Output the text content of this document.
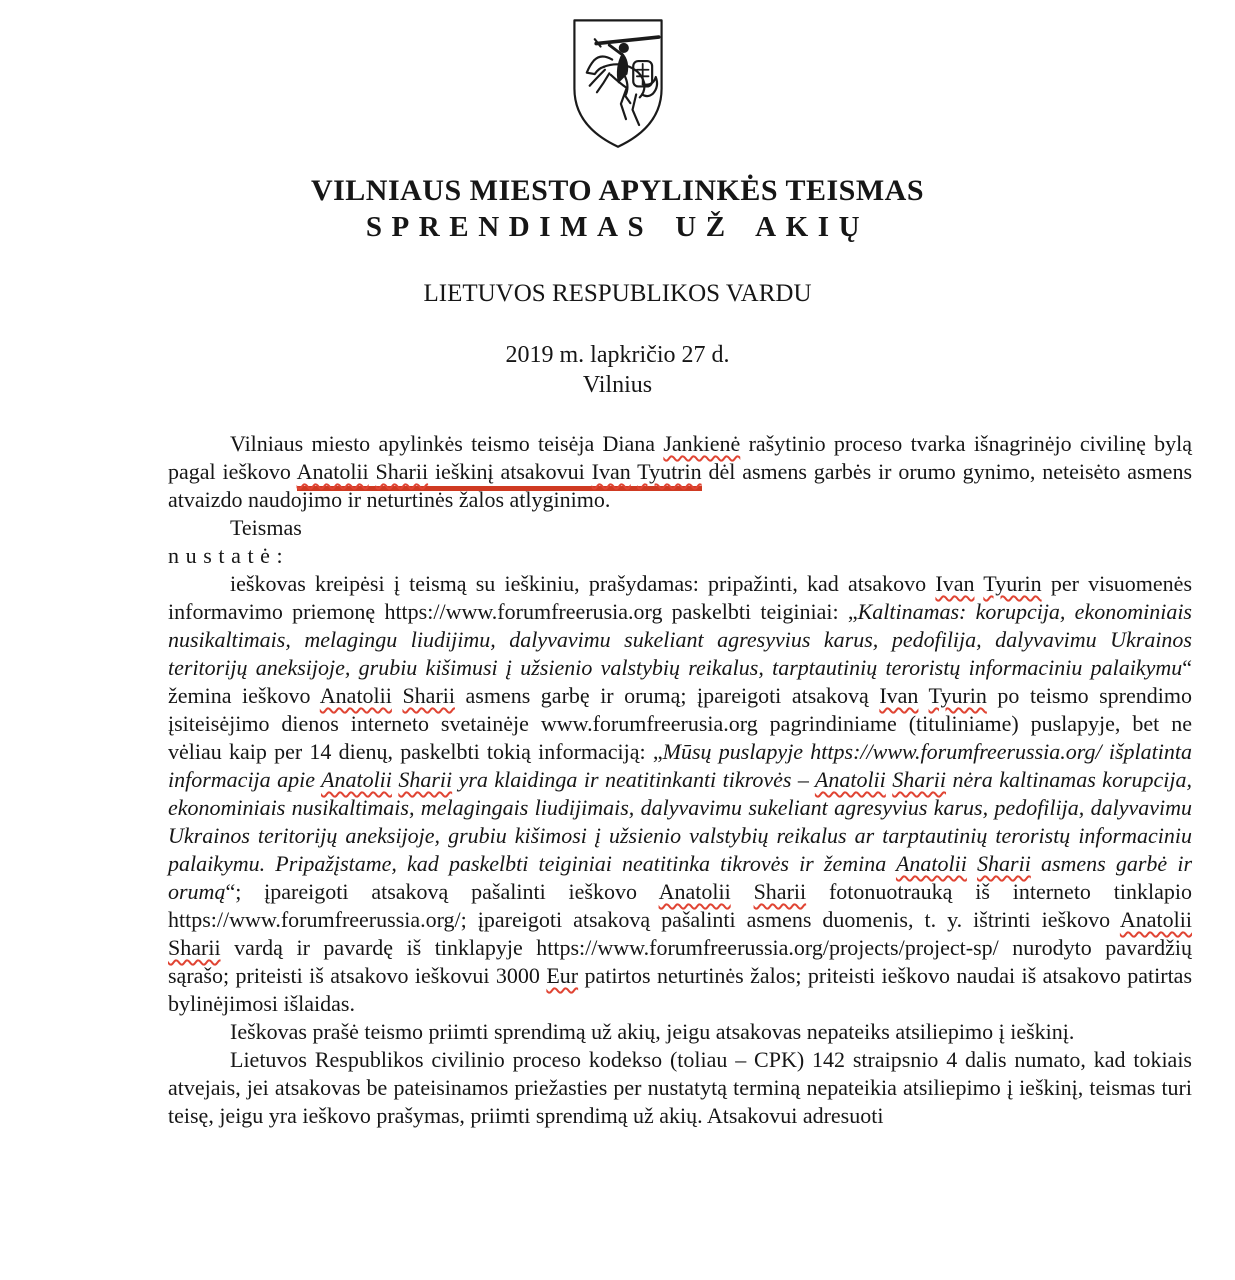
VILNIAUS MIESTO APYLINKĖS TEISMAS
SPRENDIMAS UŽ AKIŲ
LIETUVOS RESPUBLIKOS VARDU
2019 m. lapkričio 27 d.
Vilnius

Vilniaus miesto apylinkės teismo teisėja Diana Jankienė rašytinio proceso tvarka išnagrinėjo civilinę bylą pagal ieškovo Anatolii Sharii ieškinį atsakovui Ivan Tyutrin dėl asmens garbės ir orumo gynimo, neteisėto asmens atvaizdo naudojimo ir neturtinės žalos atlyginimo.

Teismas

nustatė:

ieškovas kreipėsi į teismą su ieškiniu, prašydamas: pripažinti, kad atsakovo Ivan Tyurin per visuomenės informavimo priemonę https://www.forumfreerusia.org paskelbti teiginiai: „Kaltinamas: korupcija, ekonominiais nusikaltimais, melagingu liudijimu, dalyvavimu sukeliant agresyvius karus, pedofilija, dalyvavimu Ukrainos teritorijų aneksijoje, grubiu kišimusi į užsienio valstybių reikalus, tarptautinių teroristų informaciniu palaikymu“ žemina ieškovo Anatolii Sharii asmens garbę ir orumą; įpareigoti atsakovą Ivan Tyurin po teismo sprendimo įsiteisėjimo dienos interneto svetainėje www.forumfreerusia.org pagrindiniame (tituliniame) puslapyje, bet ne vėliau kaip per 14 dienų, paskelbti tokią informaciją: „Mūsų puslapyje https://www.forumfreerussia.org/ išplatinta informacija apie Anatolii Sharii yra klaidinga ir neatitinkanti tikrovės – Anatolii Sharii nėra kaltinamas korupcija, ekonominiais nusikaltimais, melagingais liudijimais, dalyvavimu sukeliant agresyvius karus, pedofilija, dalyvavimu Ukrainos teritorijų aneksijoje, grubiu kišimosi į užsienio valstybių reikalus ar tarptautinių teroristų informaciniu palaikymu. Pripažįstame, kad paskelbti teiginiai neatitinka tikrovės ir žemina Anatolii Sharii asmens garbė ir orumą“; įpareigoti atsakovą pašalinti ieškovo Anatolii Sharii fotonuotrauką iš interneto tinklapio https://www.forumfreerussia.org/; įpareigoti atsakovą pašalinti asmens duomenis, t. y. ištrinti ieškovo Anatolii Sharii vardą ir pavardę iš tinklapyje https://www.forumfreerussia.org/projects/project-sp/ nurodyto pavardžių sąrašo; priteisti iš atsakovo ieškovui 3000 Eur patirtos neturtinės žalos; priteisti ieškovo naudai iš atsakovo patirtas bylinėjimosi išlaidas.

Ieškovas prašė teismo priimti sprendimą už akių, jeigu atsakovas nepateiks atsiliepimo į ieškinį.

Lietuvos Respublikos civilinio proceso kodekso (toliau – CPK) 142 straipsnio 4 dalis numato, kad tokiais atvejais, jei atsakovas be pateisinamos priežasties per nustatytą terminą nepateikia atsiliepimo į ieškinį, teismas turi teisę, jeigu yra ieškovo prašymas, priimti sprendimą už akių. Atsakovui adresuoti
